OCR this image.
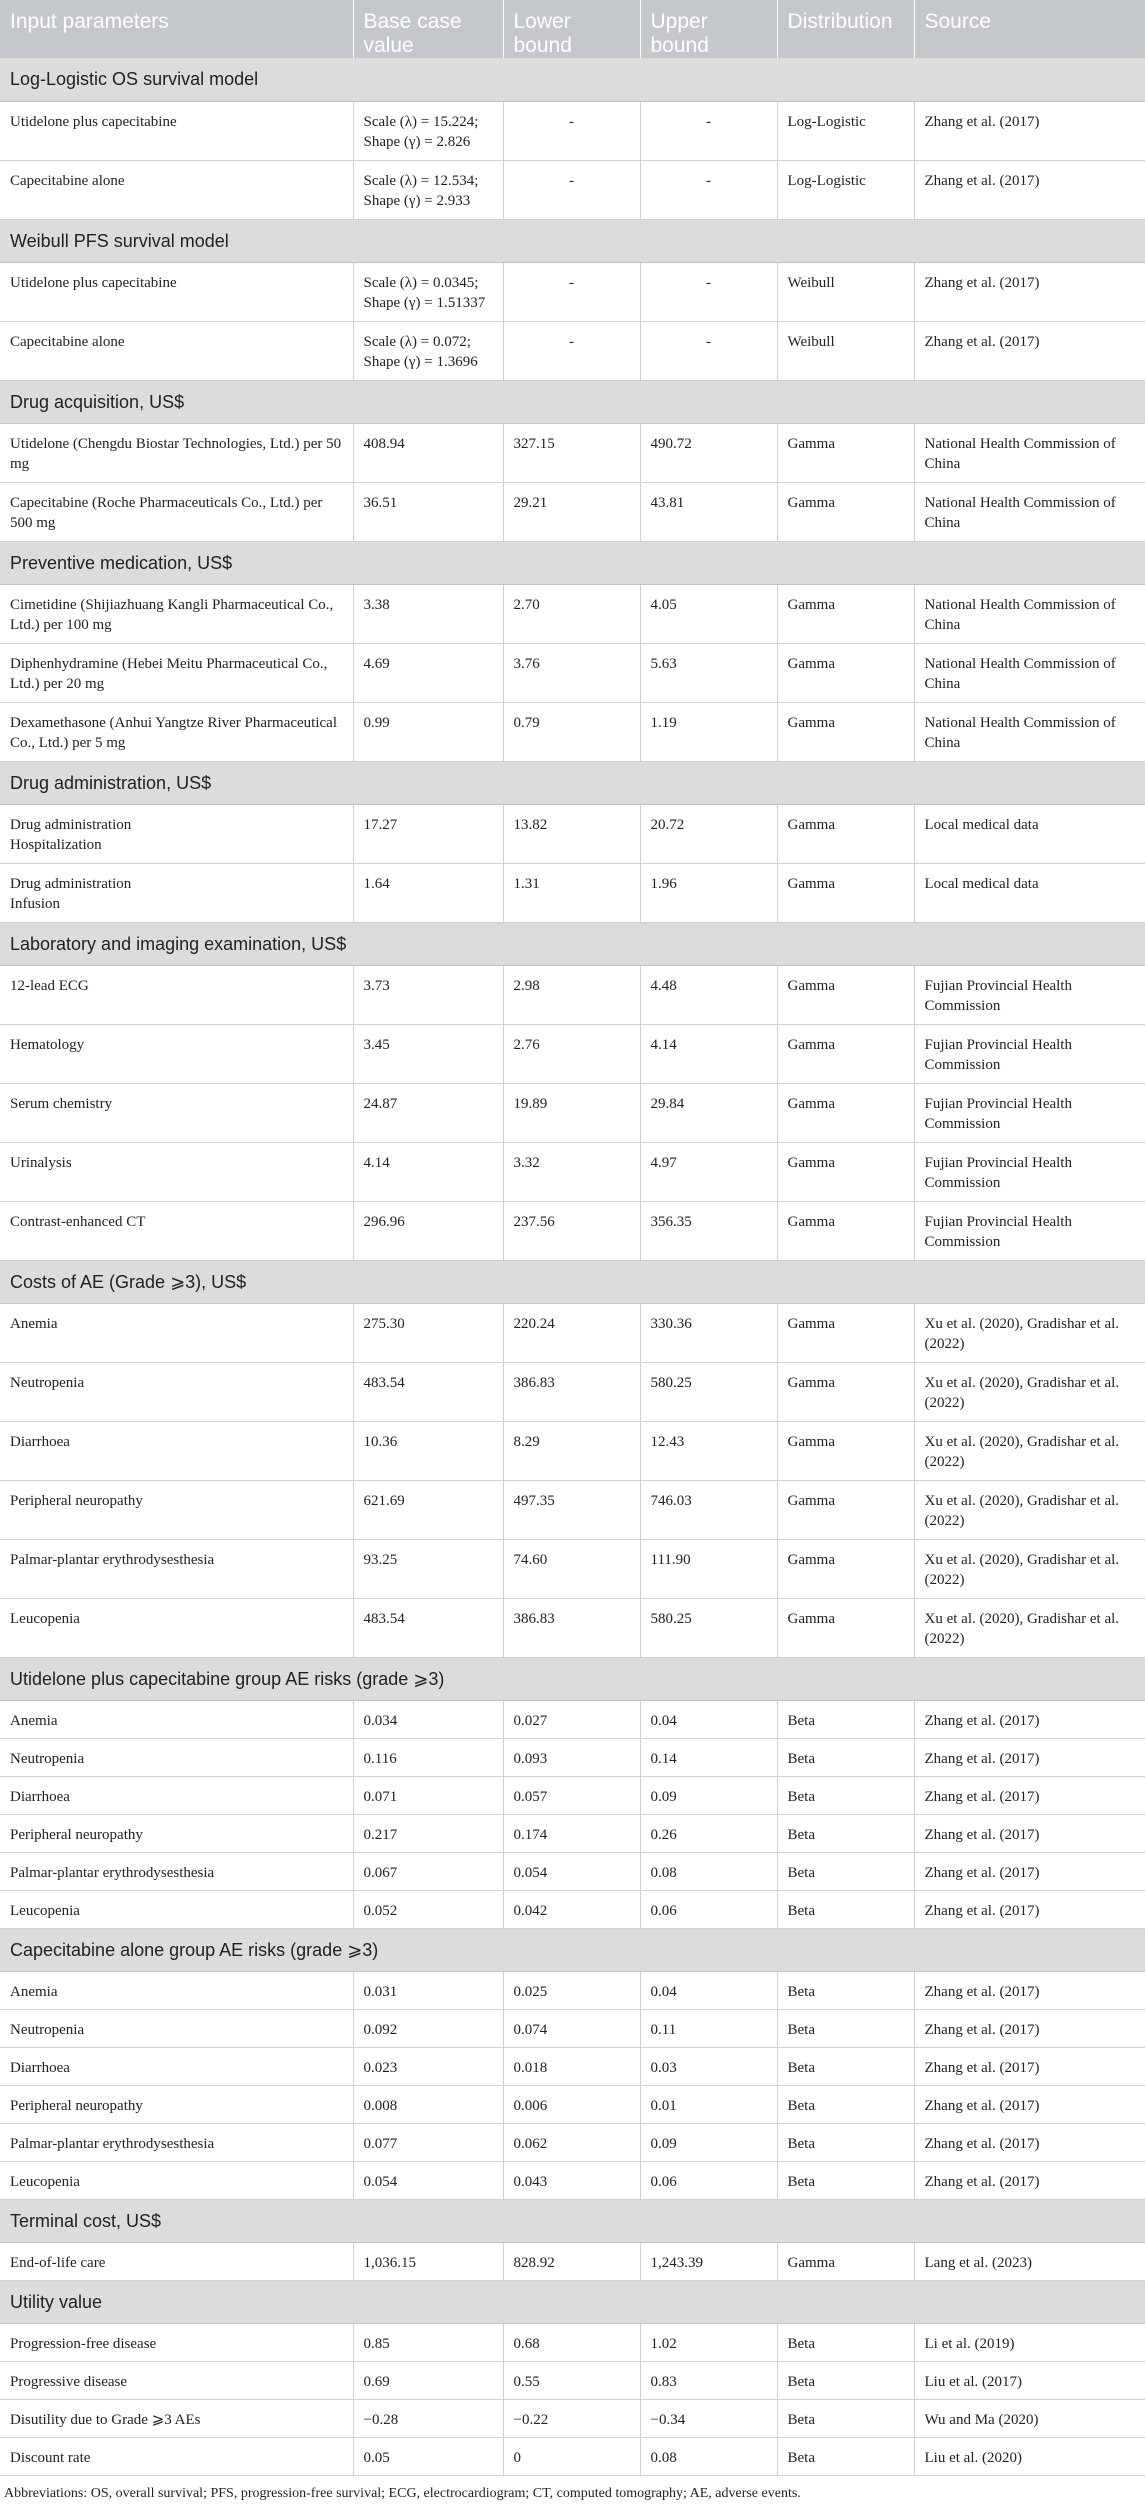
Input parameters	Base case value	Lower bound	Upper bound	Distribution	Source
Log-Logistic OS survival model					
Utidelone plus capecitabine	Scale (λ) = 15.224; Shape (γ) = 2.826	-	-	Log-Logistic	Zhang et al. (2017)
Capecitabine alone	Scale (λ) = 12.534; Shape (γ) = 2.933	-	-	Log-Logistic	Zhang et al. (2017)
Weibull PFS survival model					
Utidelone plus capecitabine	Scale (λ) = 0.0345; Shape (γ) = 1.51337	-	-	Weibull	Zhang et al. (2017)
Capecitabine alone	Scale (λ) = 0.072; Shape (γ) = 1.3696	-	-	Weibull	Zhang et al. (2017)
Drug acquisition, US$					
Utidelone (Chengdu Biostar Technologies, Ltd.) per 50 mg	408.94	327.15	490.72	Gamma	National Health Commission of China
Capecitabine (Roche Pharmaceuticals Co., Ltd.) per 500 mg	36.51	29.21	43.81	Gamma	National Health Commission of China
Preventive medication, US$					
Cimetidine (Shijiazhuang Kangli Pharmaceutical Co., Ltd.) per 100 mg	3.38	2.70	4.05	Gamma	National Health Commission of China
Diphenhydramine (Hebei Meitu Pharmaceutical Co., Ltd.) per 20 mg	4.69	3.76	5.63	Gamma	National Health Commission of China
Dexamethasone (Anhui Yangtze River Pharmaceutical Co., Ltd.) per 5 mg	0.99	0.79	1.19	Gamma	National Health Commission of China
Drug administration, US$					
Drug administration
Hospitalization	17.27	13.82	20.72	Gamma	Local medical data
Drug administration
Infusion	1.64	1.31	1.96	Gamma	Local medical data
Laboratory and imaging examination, US$					
12-lead ECG	3.73	2.98	4.48	Gamma	Fujian Provincial Health Commission
Hematology	3.45	2.76	4.14	Gamma	Fujian Provincial Health Commission
Serum chemistry	24.87	19.89	29.84	Gamma	Fujian Provincial Health Commission
Urinalysis	4.14	3.32	4.97	Gamma	Fujian Provincial Health Commission
Contrast-enhanced CT	296.96	237.56	356.35	Gamma	Fujian Provincial Health Commission
Costs of AE (Grade ⩾3), US$					
Anemia	275.30	220.24	330.36	Gamma	Xu et al. (2020), Gradishar et al. (2022)
Neutropenia	483.54	386.83	580.25	Gamma	Xu et al. (2020), Gradishar et al. (2022)
Diarrhoea	10.36	8.29	12.43	Gamma	Xu et al. (2020), Gradishar et al. (2022)
Peripheral neuropathy	621.69	497.35	746.03	Gamma	Xu et al. (2020), Gradishar et al. (2022)
Palmar-plantar erythrodysesthesia	93.25	74.60	111.90	Gamma	Xu et al. (2020), Gradishar et al. (2022)
Leucopenia	483.54	386.83	580.25	Gamma	Xu et al. (2020), Gradishar et al. (2022)
Utidelone plus capecitabine group AE risks (grade ⩾3)					
Anemia	0.034	0.027	0.04	Beta	Zhang et al. (2017)
Neutropenia	0.116	0.093	0.14	Beta	Zhang et al. (2017)
Diarrhoea	0.071	0.057	0.09	Beta	Zhang et al. (2017)
Peripheral neuropathy	0.217	0.174	0.26	Beta	Zhang et al. (2017)
Palmar-plantar erythrodysesthesia	0.067	0.054	0.08	Beta	Zhang et al. (2017)
Leucopenia	0.052	0.042	0.06	Beta	Zhang et al. (2017)
Capecitabine alone group AE risks (grade ⩾3)					
Anemia	0.031	0.025	0.04	Beta	Zhang et al. (2017)
Neutropenia	0.092	0.074	0.11	Beta	Zhang et al. (2017)
Diarrhoea	0.023	0.018	0.03	Beta	Zhang et al. (2017)
Peripheral neuropathy	0.008	0.006	0.01	Beta	Zhang et al. (2017)
Palmar-plantar erythrodysesthesia	0.077	0.062	0.09	Beta	Zhang et al. (2017)
Leucopenia	0.054	0.043	0.06	Beta	Zhang et al. (2017)
Terminal cost, US$					
End-of-life care	1,036.15	828.92	1,243.39	Gamma	Lang et al. (2023)
Utility value					
Progression-free disease	0.85	0.68	1.02	Beta	Li et al. (2019)
Progressive disease	0.69	0.55	0.83	Beta	Liu et al. (2017)
Disutility due to Grade ⩾3 AEs	−0.28	−0.22	−0.34	Beta	Wu and Ma (2020)
Discount rate	0.05	0	0.08	Beta	Liu et al. (2020)
Abbreviations: OS, overall survival; PFS, progression-free survival; ECG, electrocardiogram; CT, computed tomography; AE, adverse events.
